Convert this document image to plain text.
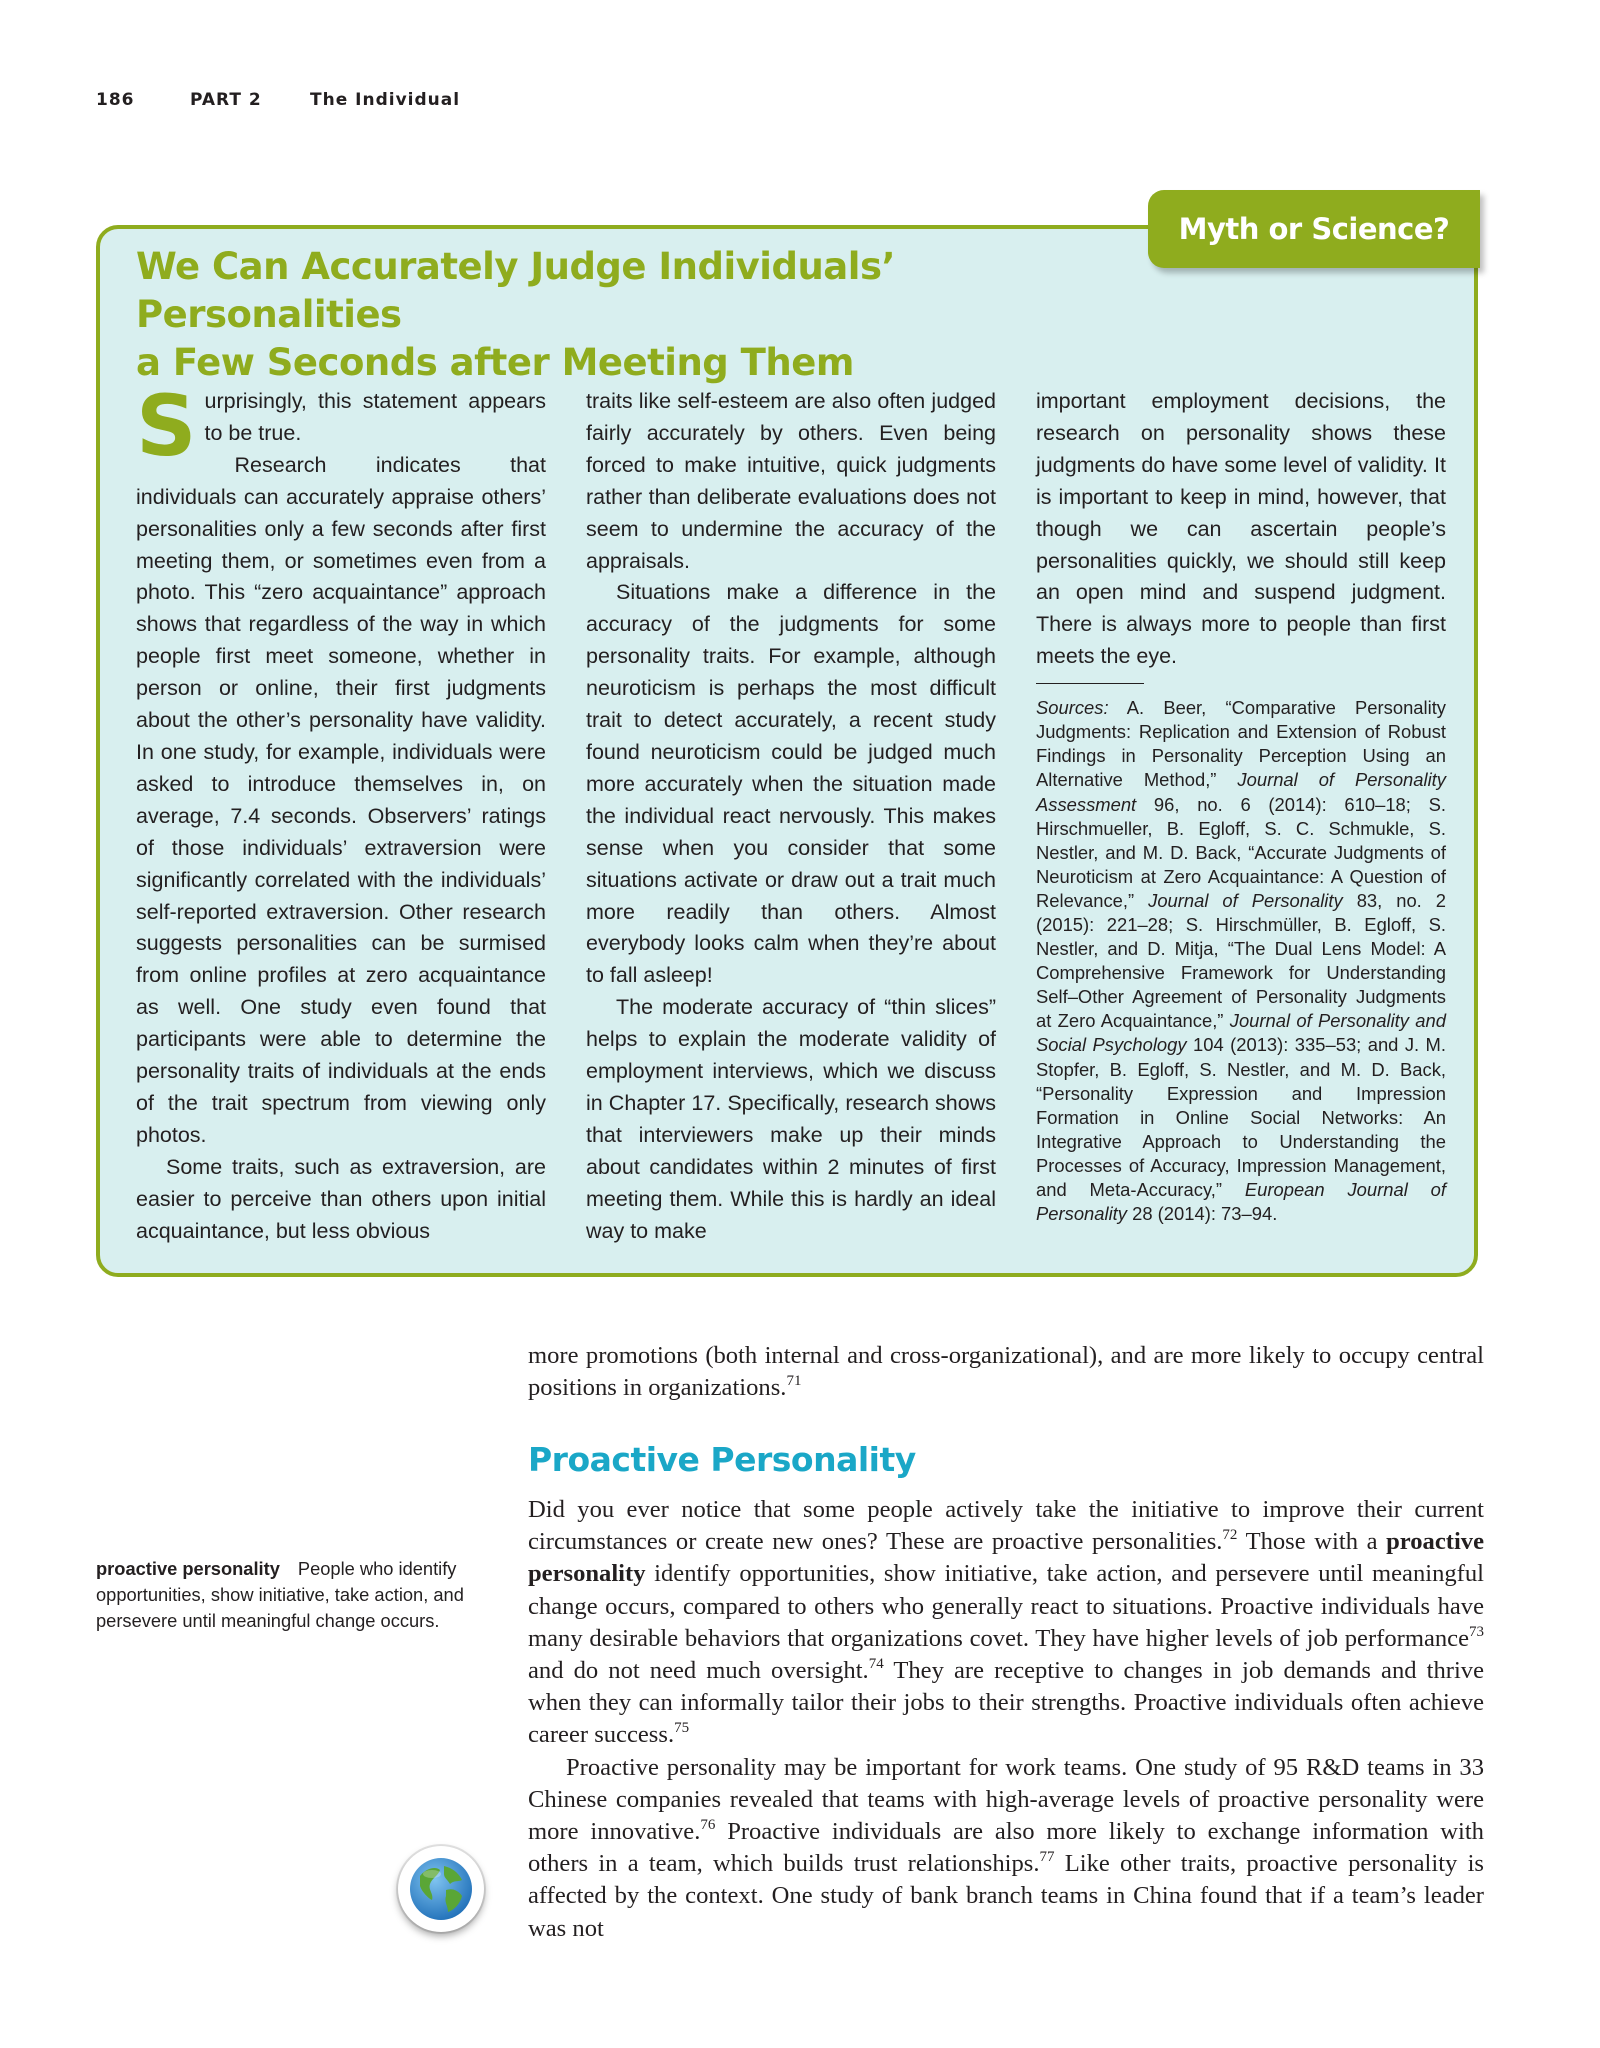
186	PART 2	The Individual
Myth or Science?
We Can Accurately Judge Individuals’ Personalities
a Few Seconds after Meeting Them

Surprisingly, this statement appears to be true.

Research indicates that individuals can accurately appraise others’ personalities only a few seconds after first meeting them, or sometimes even from a photo. This “zero acquaintance” approach shows that regardless of the way in which people first meet someone, whether in person or online, their first judgments about the other’s personality have validity. In one study, for example, individuals were asked to introduce themselves in, on average, 7.4 seconds. Observers’ ratings of those individuals’ extraversion were significantly correlated with the individuals’ self-reported extraversion. Other research suggests personalities can be surmised from online profiles at zero acquaintance as well. One study even found that participants were able to determine the personality traits of individuals at the ends of the trait spectrum from viewing only photos.

Some traits, such as extraversion, are easier to perceive than others upon initial acquaintance, but less obvious

traits like self-esteem are also often judged fairly accurately by others. Even being forced to make intuitive, quick judgments rather than deliberate evaluations does not seem to undermine the accuracy of the appraisals.

Situations make a difference in the accuracy of the judgments for some personality traits. For example, although neuroticism is perhaps the most difficult trait to detect accurately, a recent study found neuroticism could be judged much more accurately when the situation made the individual react nervously. This makes sense when you consider that some situations activate or draw out a trait much more readily than others. Almost everybody looks calm when they’re about to fall asleep!

The moderate accuracy of “thin slices” helps to explain the moderate validity of employment interviews, which we discuss in Chapter 17. Specifically, research shows that interviewers make up their minds about candidates within 2 minutes of first meeting them. While this is hardly an ideal way to make

important employment decisions, the research on personality shows these judgments do have some level of validity. It is important to keep in mind, however, that though we can ascertain people’s personalities quickly, we should still keep an open mind and suspend judgment. There is always more to people than first meets the eye.

Sources: A. Beer, “Comparative Personality Judgments: Replication and Extension of Robust Findings in Personality Perception Using an Alternative Method,” Journal of Personality Assessment 96, no. 6 (2014): 610–18; S. Hirschmueller, B. Egloff, S. C. Schmukle, S. Nestler, and M. D. Back, “Accurate Judgments of Neuroticism at Zero Acquaintance: A Question of Relevance,” Journal of Personality 83, no. 2 (2015): 221–28; S. Hirschmüller, B. Egloff, S. Nestler, and D. Mitja, “The Dual Lens Model: A Comprehensive Framework for Understanding Self–Other Agreement of Personality Judgments at Zero Acquaintance,” Journal of Personality and Social Psychology 104 (2013): 335–53; and J. M. Stopfer, B. Egloff, S. Nestler, and M. D. Back, “Personality Expression and Impression Formation in Online Social Networks: An Integrative Approach to Understanding the Processes of Accuracy, Impression Management, and Meta-Accuracy,” European Journal of Personality 28 (2014): 73–94.

more promotions (both internal and cross-organizational), and are more likely to occupy central positions in organizations.$^{71}$

Proactive Personality

Did you ever notice that some people actively take the initiative to improve their current circumstances or create new ones? These are proactive personalities.$^{72}$ Those with a proactive personality identify opportunities, show initiative, take action, and persevere until meaningful change occurs, compared to others who generally react to situations. Proactive individuals have many desirable behaviors that organizations covet. They have higher levels of job performance$^{73}$ and do not need much oversight.$^{74}$ They are receptive to changes in job demands and thrive when they can informally tailor their jobs to their strengths. Proactive individuals often achieve career success.$^{75}$

Proactive personality may be important for work teams. One study of 95 R&D teams in 33 Chinese companies revealed that teams with high-average levels of proactive personality were more innovative.$^{76}$ Proactive individuals are also more likely to exchange information with others in a team, which builds trust relationships.$^{77}$ Like other traits, proactive personality is affected by the context. One study of bank branch teams in China found that if a team’s leader was not

proactive personality People who identify opportunities, show initiative, take action, and persevere until meaningful change occurs.
